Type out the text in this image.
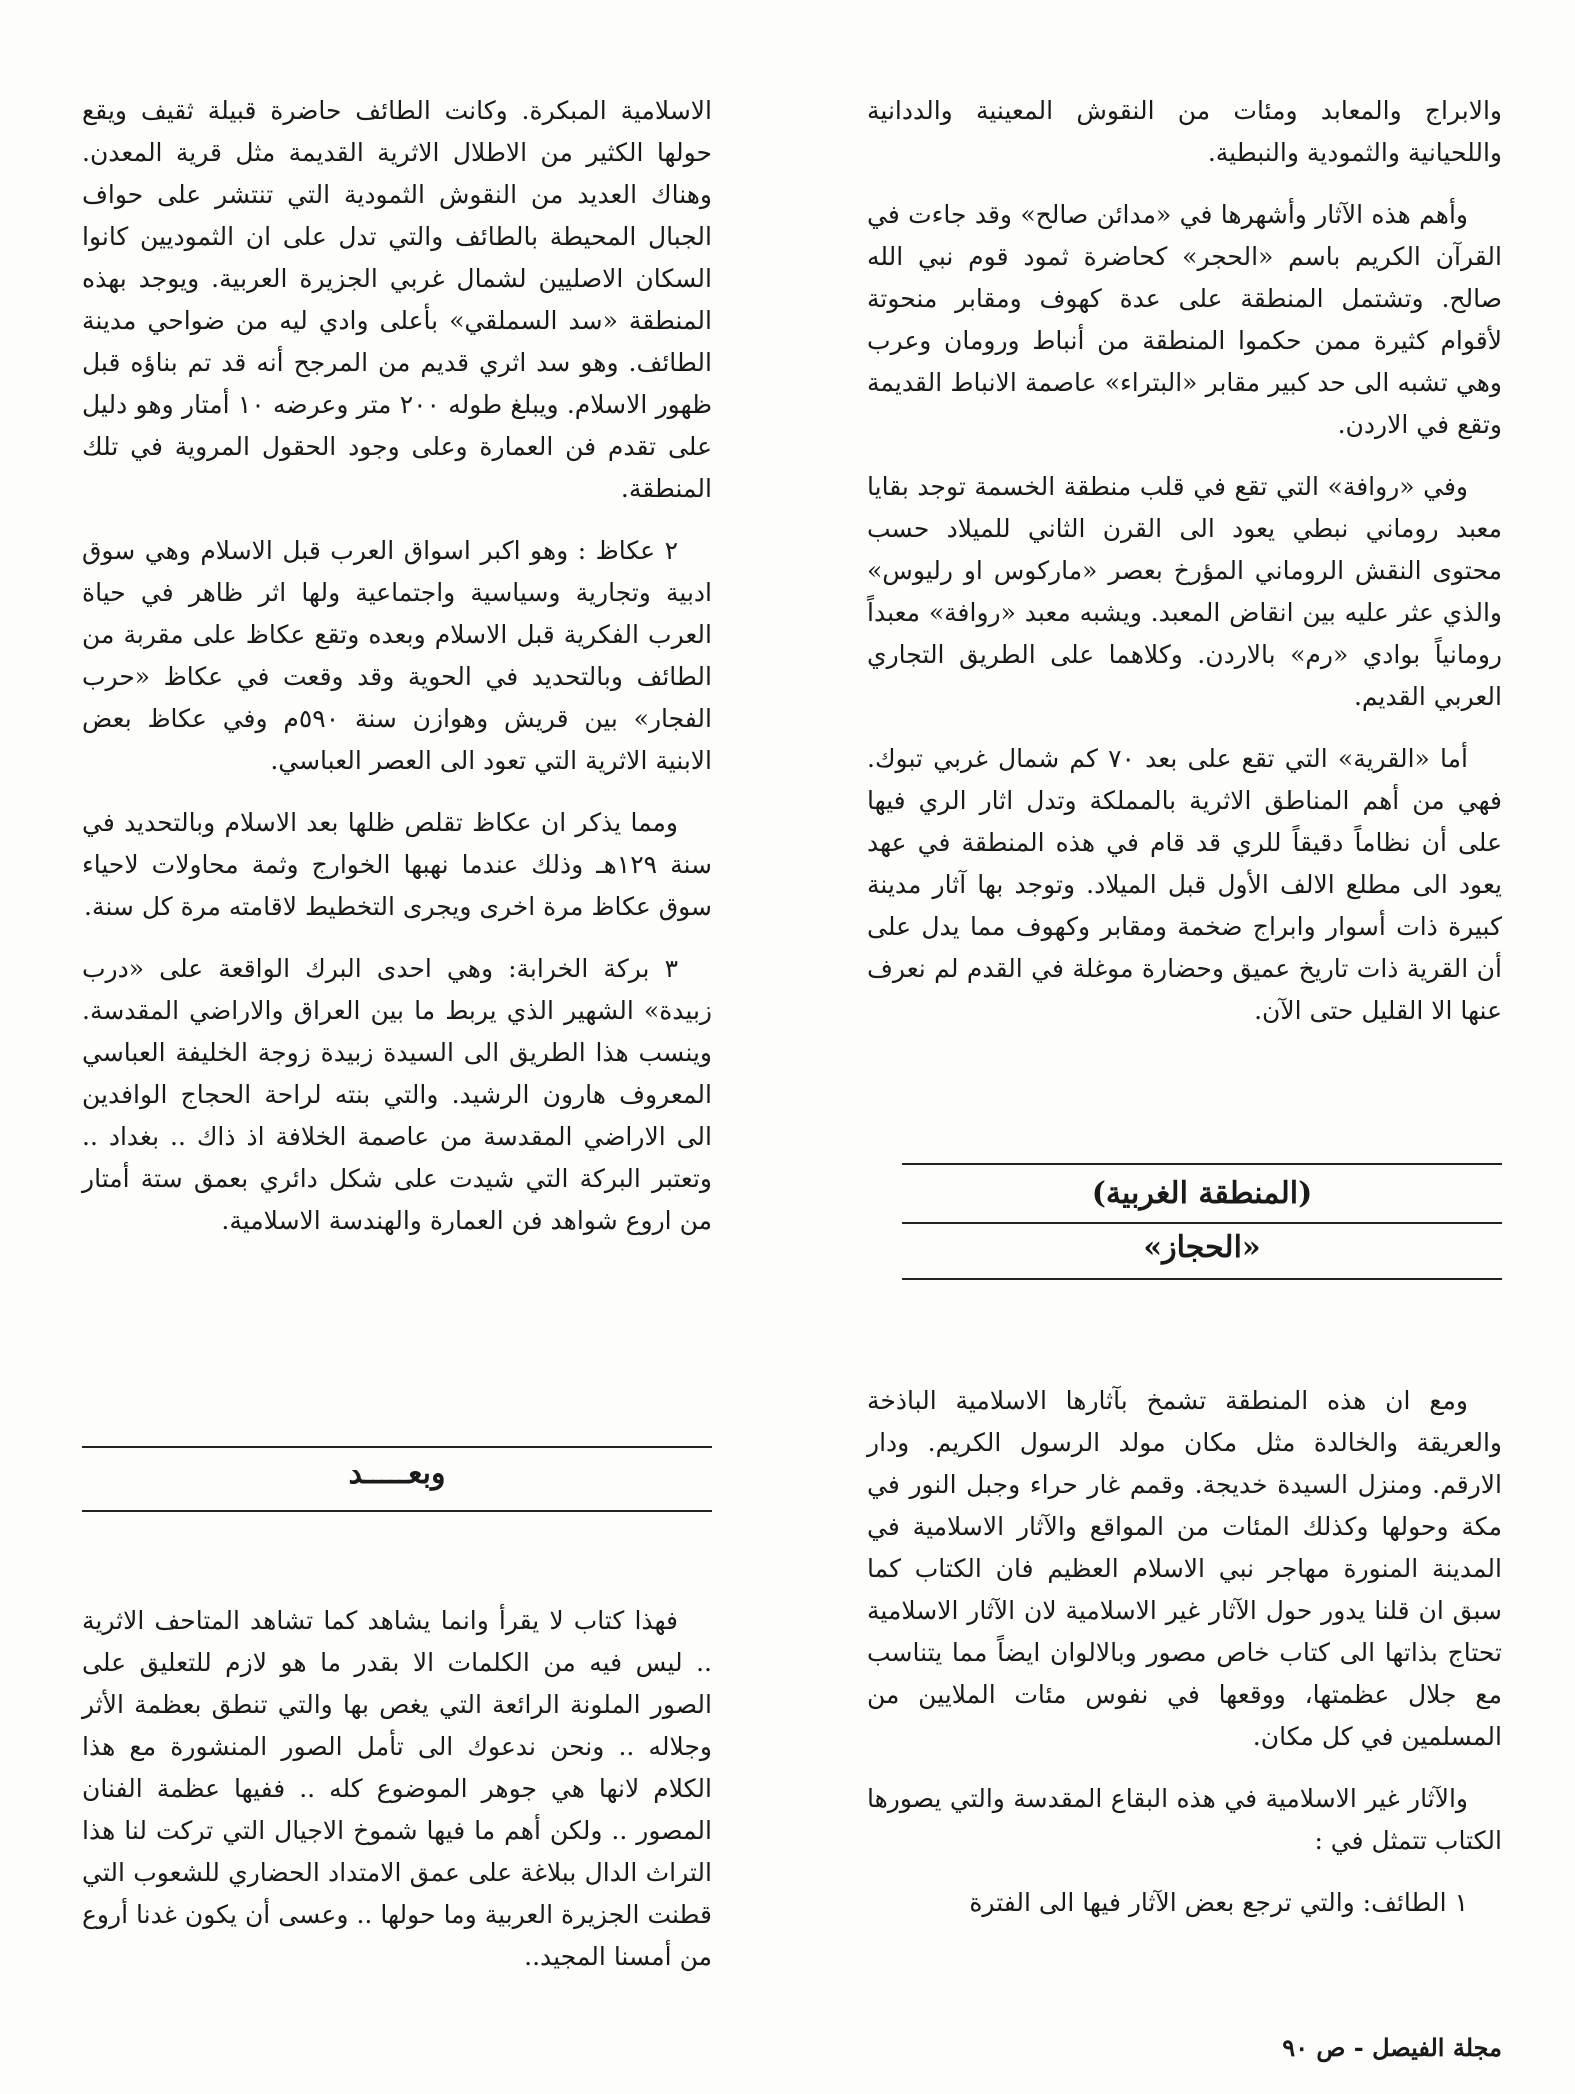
والابراج والمعابد ومئات من النقوش المعينية والددانية واللحيانية والثمودية والنبطية.

وأهم هذه الآثار وأشهرها في «مدائن صالح» وقد جاءت في القرآن الكريم باسم «الحجر» كحاضرة ثمود قوم نبي الله صالح. وتشتمل المنطقة على عدة كهوف ومقابر منحوتة لأقوام كثيرة ممن حكموا المنطقة من أنباط ورومان وعرب وهي تشبه الى حد كبير مقابر «البتراء» عاصمة الانباط القديمة وتقع في الاردن.

وفي «روافة» التي تقع في قلب منطقة الخسمة توجد بقايا معبد روماني نبطي يعود الى القرن الثاني للميلاد حسب محتوى النقش الروماني المؤرخ بعصر «ماركوس او رليوس» والذي عثر عليه بين انقاض المعبد. ويشبه معبد «روافة» معبداً رومانياً بوادي «رم» بالاردن. وكلاهما على الطريق التجاري العربي القديم.

أما «القرية» التي تقع على بعد ٧٠ كم شمال غربي تبوك. فهي من أهم المناطق الاثرية بالمملكة وتدل اثار الري فيها على أن نظاماً دقيقاً للري قد قام في هذه المنطقة في عهد يعود الى مطلع الالف الأول قبل الميلاد. وتوجد بها آثار مدينة كبيرة ذات أسوار وابراج ضخمة ومقابر وكهوف مما يدل على أن القرية ذات تاريخ عميق وحضارة موغلة في القدم لم نعرف عنها الا القليل حتى الآن.

(المنطقة الغربية)
«الحجاز»

ومع ان هذه المنطقة تشمخ بآثارها الاسلامية الباذخة والعريقة والخالدة مثل مكان مولد الرسول الكريم. ودار الارقم. ومنزل السيدة خديجة. وقمم غار حراء وجبل النور في مكة وحولها وكذلك المئات من المواقع والآثار الاسلامية في المدينة المنورة مهاجر نبي الاسلام العظيم فان الكتاب كما سبق ان قلنا يدور حول الآثار غير الاسلامية لان الآثار الاسلامية تحتاج بذاتها الى كتاب خاص مصور وبالالوان ايضاً مما يتناسب مع جلال عظمتها، ووقعها في نفوس مئات الملايين من المسلمين في كل مكان.

والآثار غير الاسلامية في هذه البقاع المقدسة والتي يصورها الكتاب تتمثل في :

١ الطائف: والتي ترجع بعض الآثار فيها الى الفترة

الاسلامية المبكرة. وكانت الطائف حاضرة قبيلة ثقيف ويقع حولها الكثير من الاطلال الاثرية القديمة مثل قرية المعدن. وهناك العديد من النقوش الثمودية التي تنتشر على حواف الجبال المحيطة بالطائف والتي تدل على ان الثموديين كانوا السكان الاصليين لشمال غربي الجزيرة العربية. ويوجد بهذه المنطقة «سد السملقي» بأعلى وادي ليه من ضواحي مدينة الطائف. وهو سد اثري قديم من المرجح أنه قد تم بناؤه قبل ظهور الاسلام. ويبلغ طوله ٢٠٠ متر وعرضه ١٠ أمتار وهو دليل على تقدم فن العمارة وعلى وجود الحقول المروية في تلك المنطقة.

٢ عكاظ : وهو اكبر اسواق العرب قبل الاسلام وهي سوق ادبية وتجارية وسياسية واجتماعية ولها اثر ظاهر في حياة العرب الفكرية قبل الاسلام وبعده وتقع عكاظ على مقربة من الطائف وبالتحديد في الحوية وقد وقعت في عكاظ «حرب الفجار» بين قريش وهوازن سنة ٥٩٠م وفي عكاظ بعض الابنية الاثرية التي تعود الى العصر العباسي.

ومما يذكر ان عكاظ تقلص ظلها بعد الاسلام وبالتحديد في سنة ١٢٩هـ وذلك عندما نهبها الخوارج وثمة محاولات لاحياء سوق عكاظ مرة اخرى ويجرى التخطيط لاقامته مرة كل سنة.

٣ بركة الخرابة: وهي احدى البرك الواقعة على «درب زبيدة» الشهير الذي يربط ما بين العراق والاراضي المقدسة. وينسب هذا الطريق الى السيدة زبيدة زوجة الخليفة العباسي المعروف هارون الرشيد. والتي بنته لراحة الحجاج الوافدين الى الاراضي المقدسة من عاصمة الخلافة اذ ذاك .. بغداد .. وتعتبر البركة التي شيدت على شكل دائري بعمق ستة أمتار من اروع شواهد فن العمارة والهندسة الاسلامية.

وبعـــــد

فهذا كتاب لا يقرأ وانما يشاهد كما تشاهد المتاحف الاثرية .. ليس فيه من الكلمات الا بقدر ما هو لازم للتعليق على الصور الملونة الرائعة التي يغص بها والتي تنطق بعظمة الأثر وجلاله .. ونحن ندعوك الى تأمل الصور المنشورة مع هذا الكلام لانها هي جوهر الموضوع كله .. ففيها عظمة الفنان المصور .. ولكن أهم ما فيها شموخ الاجيال التي تركت لنا هذا التراث الدال ببلاغة على عمق الامتداد الحضاري للشعوب التي قطنت الجزيرة العربية وما حولها .. وعسى أن يكون غدنا أروع من أمسنا المجيد..

مجلة الفيصل - ص ٩٠
